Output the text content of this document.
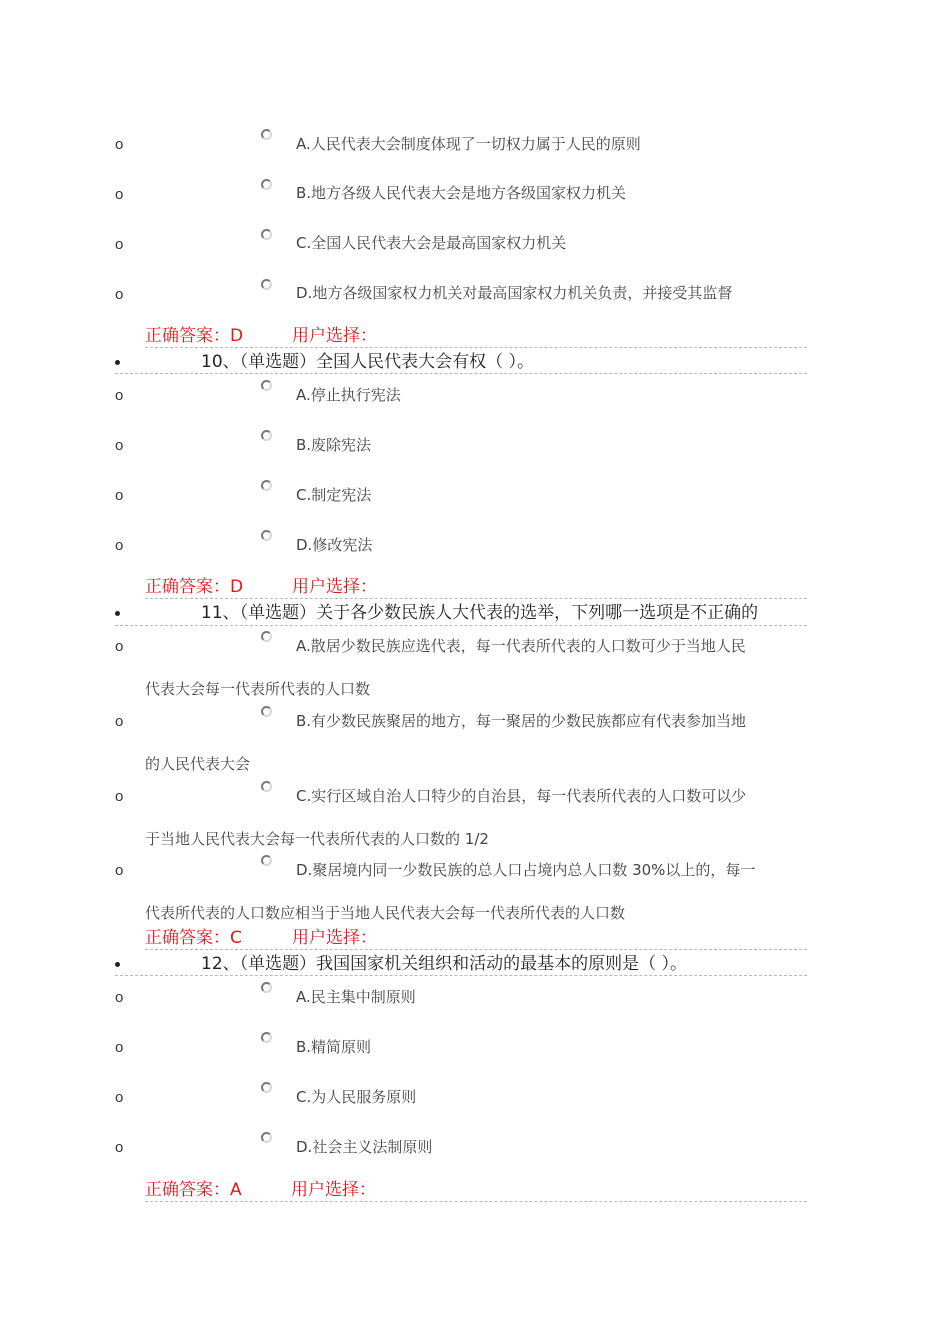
o	A.人民代表大会制度体现了一切权力属于人民的原则
o	B.地方各级人民代表大会是地方各级国家权力机关
o	C.全国人民代表大会是最高国家权力机关
o	D.地方各级国家权力机关对最高国家权力机关负责，并接受其监督
正确答案：D	用户选择：
10、（单选题）全国人民代表大会有权（ ）。
o	A.停止执行宪法
o	B.废除宪法
o	C.制定宪法
o	D.修改宪法
正确答案：D	用户选择：
11、（单选题）关于各少数民族人大代表的选举，下列哪一选项是不正确的
o	A.散居少数民族应选代表，每一代表所代表的人口数可少于当地人民
代表大会每一代表所代表的人口数
o	B.有少数民族聚居的地方，每一聚居的少数民族都应有代表参加当地
的人民代表大会
o	C.实行区域自治人口特少的自治县，每一代表所代表的人口数可以少
于当地人民代表大会每一代表所代表的人口数的 1/2
o	D.聚居境内同一少数民族的总人口占境内总人口数 30%以上的，每一
代表所代表的人口数应相当于当地人民代表大会每一代表所代表的人口数
正确答案：C	用户选择：
12、（单选题）我国国家机关组织和活动的最基本的原则是（ ）。
o	A.民主集中制原则
o	B.精简原则
o	C.为人民服务原则
o	D.社会主义法制原则
正确答案：A	用户选择：
